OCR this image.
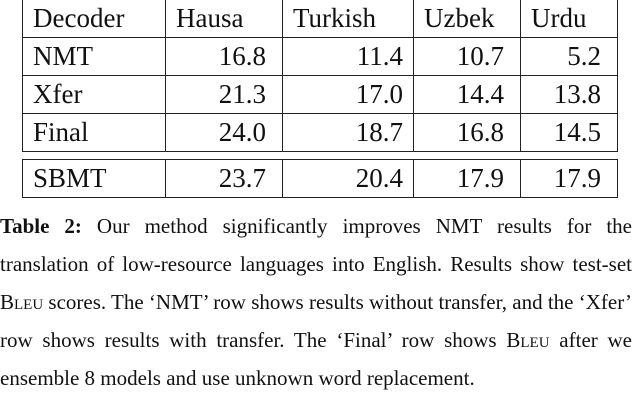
Decoder	Hausa	Turkish	Uzbek	Urdu
NMT	16.8	11.4	10.7	5.2
Xfer	21.3	17.0	14.4	13.8
Final	24.0	18.7	16.8	14.5
SBMT	23.7	20.4	17.9	17.9

Table 2: Our method significantly improves NMT results for the translation of low-resource languages into English. Results show test-set Bleu scores. The ‘NMT’ row shows results without transfer, and the ‘Xfer’ row shows results with transfer. The ‘Final’ row shows Bleu after we ensemble 8 models and use unknown word replacement.
